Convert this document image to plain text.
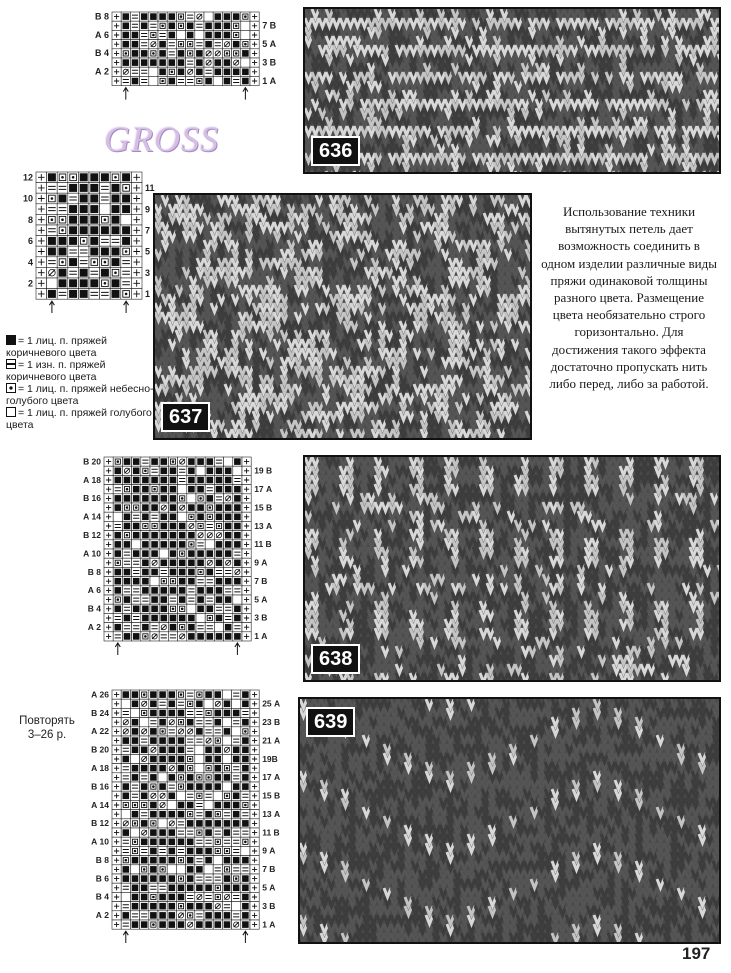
В 8
А 6
В 4
А 2
7 В
5 А
3 В
1 А
636
GROSS
12
10
8
6
4
2
11
9
7
5
3
1
= 1 лиц. п. пряжей коричневого цвета
= 1 изн. п. пряжей коричневого цвета
= 1 лиц. п. пряжей небесно-голубого цвета
= 1 лиц. п. пряжей голубого цвета	637
Использование техники вытянутых петель дает возможность соединить в одном изделии различные виды пряжи одинаковой толщины разного цвета. Размещение цвета необязательно строго горизонтально. Для достижения такого эффекта достаточно пропускать нить либо перед, либо за работой.
В 20
А 18
В 16
А 14
В 12
А 10
В 8
А 6
В 4
А 2
19 В
17 А
15 В
13 А
11 В
9 А
7 В
5 А
3 В
1 А
638
Повторять 3–26 р.
А 26
В 24
А 22
В 20
А 18
В 16
А 14
В 12
А 10
В 8
В 6
В 4
А 2
25 А
23 В
21 А
19В
17 А
15 В
13 А
11 В
9 А
7 В
5 А
3 В
1 А
639
197
